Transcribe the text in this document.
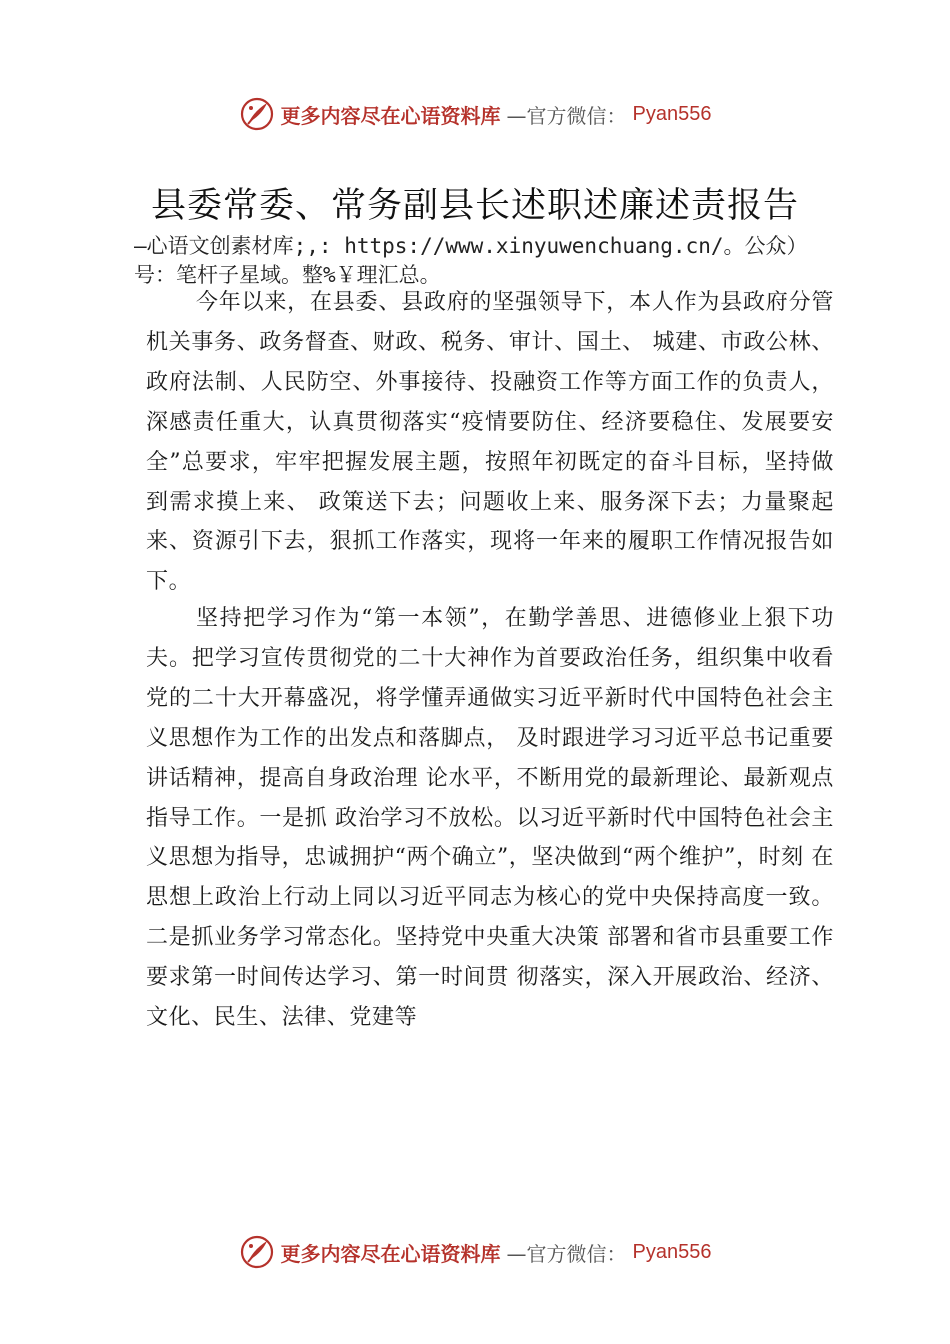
更多内容尽在心语资料库 —官方微信： Pyan556
县委常委、常务副县长述职述廉述责报告

—心语文创素材库;,: https://www.xinyuwenchuang.cn/。公众）号：笔杆子星域。整%￥理汇总。

今年以来，在县委、县政府的坚强领导下，本人作为县政府分管机关事务、政务督查、财政、税务、审计、国土、 城建、市政公林、政府法制、人民防空、外事接待、投融资工作等方面工作的负责人，深感责任重大，认真贯彻落实“疫情要防住、经济要稳住、发展要安全”总要求，牢牢把握发展主题，按照年初既定的奋斗目标，坚持做到需求摸上来、 政策送下去；问题收上来、服务深下去；力量聚起来、资源引下去，狠抓工作落实，现将一年来的履职工作情况报告如下。

坚持把学习作为“第一本领”，在勤学善思、进德修业上狠下功夫。把学习宣传贯彻党的二十大神作为首要政治任务，组织集中收看党的二十大开幕盛况，将学懂弄通做实习近平新时代中国特色社会主义思想作为工作的出发点和落脚点， 及时跟进学习习近平总书记重要讲话精神，提高自身政治理 论水平，不断用党的最新理论、最新观点指导工作。一是抓 政治学习不放松。以习近平新时代中国特色社会主义思想为指导，忠诚拥护“两个确立”，坚决做到“两个维护”，时刻 在思想上政治上行动上同以习近平同志为核心的党中央保持高度一致。二是抓业务学习常态化。坚持党中央重大决策 部署和省市县重要工作要求第一时间传达学习、第一时间贯 彻落实，深入开展政治、经济、文化、民生、法律、党建等

更多内容尽在心语资料库 —官方微信： Pyan556
